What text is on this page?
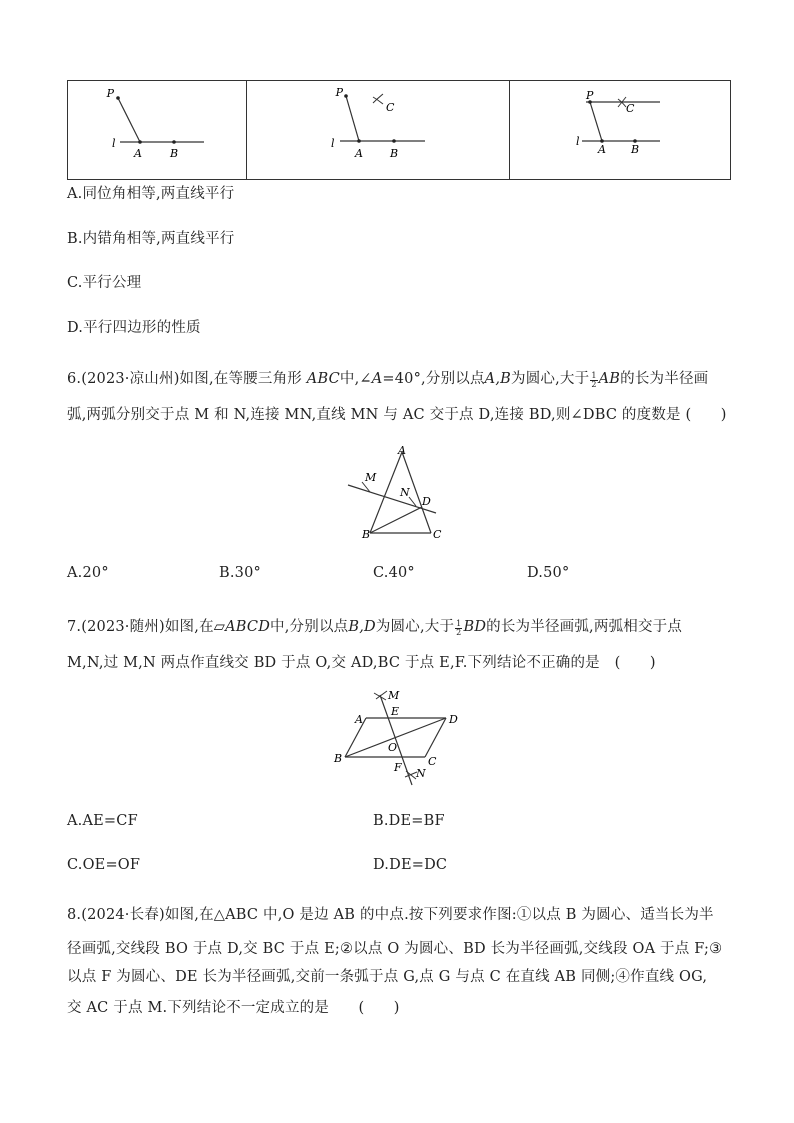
P
l
A	B

P
C
l
A B

P
C
l
A B
A.同位角相等,两直线平行
B.内错角相等,两直线平行
C.平行公理
D.平行四边形的性质
6.(2023·凉山州)如图,在等腰三角形 ABC中,∠A=40°,分别以点A,B为圆心,大于 $\frac{1}{2}$ AB的长为半径画
弧,两弧分别交于点 M 和 N,连接 MN,直线 MN 与 AC 交于点 D,连接 BD,则∠DBC 的度数是 (　　)
A
M
N
D
B	C
A.20°	B.30°	C.40°	D.50°
7.(2023·随州)如图,在▱ABCD中,分别以点B,D为圆心,大于 $\frac{1}{2}$ BD的长为半径画弧,两弧相交于点
M,N,过 M,N 两点作直线交 BD 于点 O,交 AD,BC 于点 E,F.下列结论不正确的是　(　　)
M
A
E
D
O
B
F C
N
A.AE=CF	B.DE=BF
C.OE=OF	D.DE=DC
8.(2024·长春)如图,在△ABC 中,O 是边 AB 的中点.按下列要求作图:①以点 B 为圆心、适当长为半
径画弧,交线段 BO 于点 D,交 BC 于点 E;②以点 O 为圆心、BD 长为半径画弧,交线段 OA 于点 F;③
以点 F 为圆心、DE 长为半径画弧,交前一条弧于点 G,点 G 与点 C 在直线 AB 同侧;④作直线 OG,
交 AC 于点 M.下列结论不一定成立的是　　(　　)
